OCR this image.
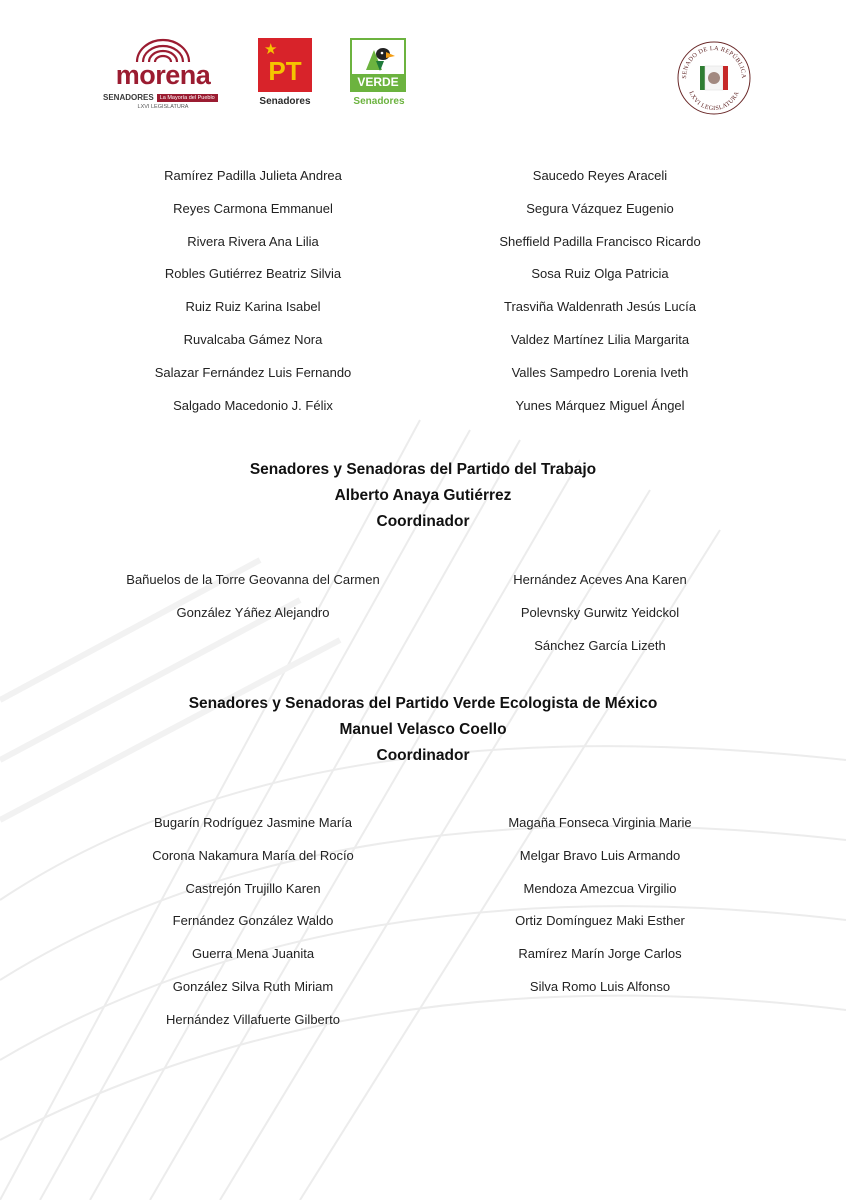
morena
SENADORES	La Mayoría del Pueblo
LXVI LEGISLATURA
★
PT
Senadores
VERDE
Senadores
SENADO DE LA REPÚBLICA
LXVI LEGISLATURA
Ramírez Padilla Julieta Andrea
Reyes Carmona Emmanuel
Rivera Rivera Ana Lilia
Robles Gutiérrez Beatriz Silvia
Ruiz Ruiz Karina Isabel
Ruvalcaba Gámez Nora
Salazar Fernández Luis Fernando
Salgado Macedonio J. Félix
Saucedo Reyes Araceli
Segura Vázquez Eugenio
Sheffield Padilla Francisco Ricardo
Sosa Ruiz Olga Patricia
Trasviña Waldenrath Jesús Lucía
Valdez Martínez Lilia Margarita
Valles Sampedro Lorenia Iveth
Yunes Márquez Miguel Ángel
Senadores y Senadoras del Partido del Trabajo
Alberto Anaya Gutiérrez
Coordinador
Bañuelos de la Torre Geovanna del Carmen
González Yáñez Alejandro
Hernández Aceves Ana Karen
Polevnsky Gurwitz Yeidckol
Sánchez García Lizeth
Senadores y Senadoras del Partido Verde Ecologista de México
Manuel Velasco Coello
Coordinador
Bugarín Rodríguez Jasmine María
Corona Nakamura María del Rocío
Castrejón Trujillo Karen
Fernández González Waldo
Guerra Mena Juanita
González Silva Ruth Miriam
Hernández Villafuerte Gilberto
Magaña Fonseca Virginia Marie
Melgar Bravo Luis Armando
Mendoza Amezcua Virgilio
Ortiz Domínguez Maki Esther
Ramírez Marín Jorge Carlos
Silva Romo Luis Alfonso
